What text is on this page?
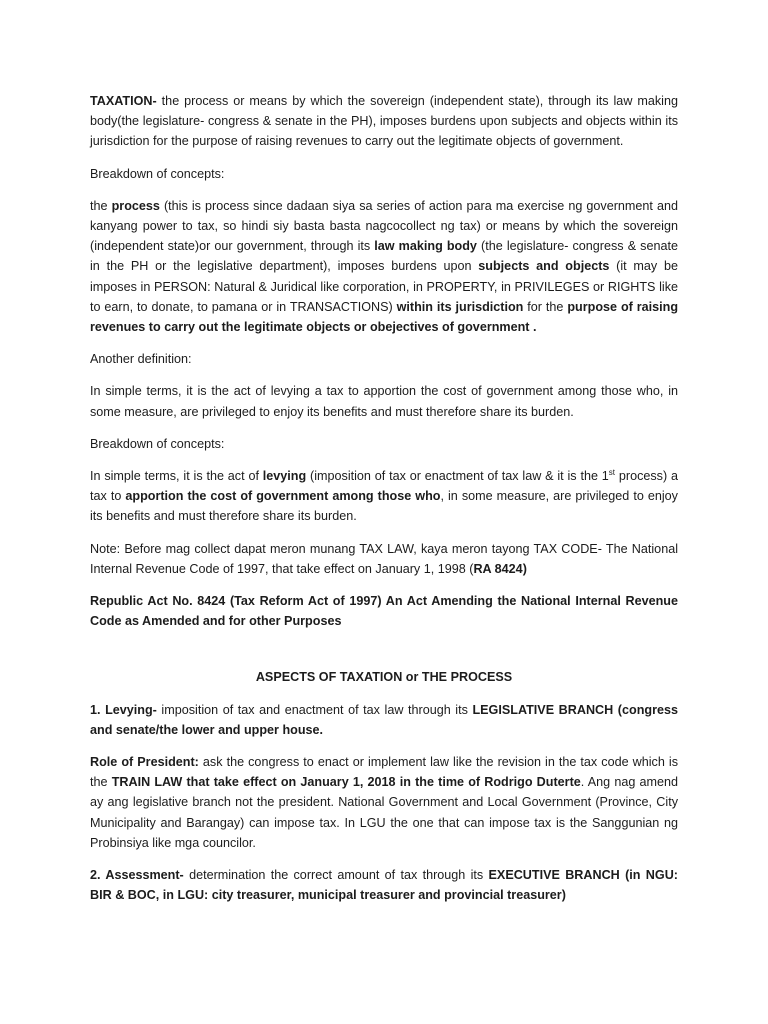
TAXATION- the process or means by which the sovereign (independent state), through its law making body(the legislature- congress & senate in the PH), imposes burdens upon subjects and objects within its jurisdiction for the purpose of raising revenues to carry out the legitimate objects of government.

Breakdown of concepts:

the process (this is process since dadaan siya sa series of action para ma exercise ng government and kanyang power to tax, so hindi siy basta basta nagcocollect ng tax) or means by which the sovereign (independent state)or our government, through its law making body (the legislature- congress & senate in the PH or the legislative department), imposes burdens upon subjects and objects (it may be imposes in PERSON: Natural & Juridical like corporation, in PROPERTY, in PRIVILEGES or RIGHTS like to earn, to donate, to pamana or in TRANSACTIONS) within its jurisdiction for the purpose of raising revenues to carry out the legitimate objects or obejectives of government .

Another definition:

In simple terms, it is the act of levying a tax to apportion the cost of government among those who, in some measure, are privileged to enjoy its benefits and must therefore share its burden.

Breakdown of concepts:

In simple terms, it is the act of levying (imposition of tax or enactment of tax law & it is the 1st process) a tax to apportion the cost of government among those who, in some measure, are privileged to enjoy its benefits and must therefore share its burden.

Note: Before mag collect dapat meron munang TAX LAW, kaya meron tayong TAX CODE- The National Internal Revenue Code of 1997, that take effect on January 1, 1998 (RA 8424)

Republic Act No. 8424 (Tax Reform Act of 1997) An Act Amending the National Internal Revenue Code as Amended and for other Purposes

ASPECTS OF TAXATION or THE PROCESS

1. Levying- imposition of tax and enactment of tax law through its LEGISLATIVE BRANCH (congress and senate/the lower and upper house.

Role of President: ask the congress to enact or implement law like the revision in the tax code which is the TRAIN LAW that take effect on January 1, 2018 in the time of Rodrigo Duterte. Ang nag amend ay ang legislative branch not the president. National Government and Local Government (Province, City Municipality and Barangay) can impose tax. In LGU the one that can impose tax is the Sanggunian ng Probinsiya like mga councilor.

2. Assessment- determination the correct amount of tax through its EXECUTIVE BRANCH (in NGU: BIR & BOC, in LGU: city treasurer, municipal treasurer and provincial treasurer)
